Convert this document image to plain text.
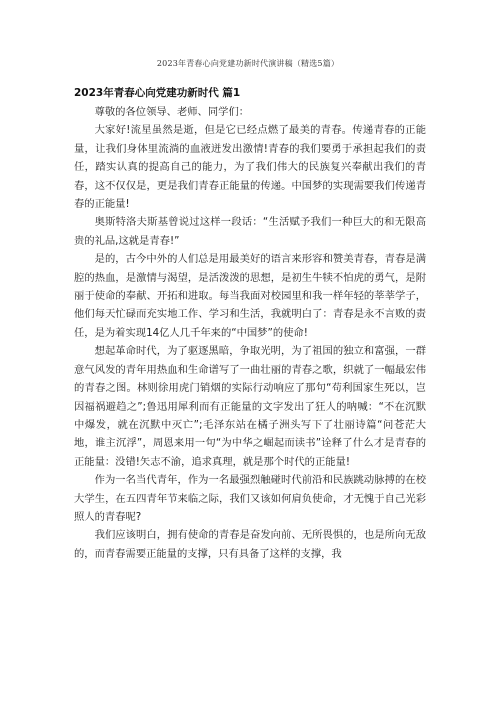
2023年青春心向党建功新时代演讲稿（精选5篇）
2023年青春心向党建功新时代 篇1

尊敬的各位领导、老师、同学们：

大家好!流星虽然是逝，但是它已经点燃了最美的青春。传递青春的正能量，让我们身体里流淌的血液迸发出激情!青春的我们要勇于承担起我们的责任，踏实认真的提高自己的能力，为了我们伟大的民族复兴奉献出我们的青春，这不仅仅是，更是我们青春正能量的传递。中国梦的实现需要我们传递青春的正能量!

奥斯特洛夫斯基曾说过这样一段话：“生活赋予我们一种巨大的和无限高贵的礼品,这就是青春!”

是的，古今中外的人们总是用最美好的语言来形容和赞美青春，青春是满腔的热血，是激情与渴望，是活泼泼的思想，是初生牛犊不怕虎的勇气，是附丽于使命的奉献、开拓和进取。每当我面对校园里和我一样年轻的莘莘学子，他们每天忙碌而充实地工作、学习和生活，我就明白了：青春是永不言败的责任，是为着实现14亿人几千年来的“中国梦”的使命!

想起革命时代，为了驱逐黑暗，争取光明，为了祖国的独立和富强，一群意气风发的青年用热血和生命谱写了一曲壮丽的青春之歌，织就了一幅最宏伟的青春之图。林则徐用虎门销烟的实际行动响应了那句“苟利国家生死以，岂因福祸避趋之”;鲁迅用犀利而有正能量的文字发出了狂人的呐喊：“不在沉默中爆发，就在沉默中灭亡”;毛泽东站在橘子洲头写下了壮丽诗篇“问苍茫大地，谁主沉浮”，周恩来用一句“为中华之崛起而读书”诠释了什么才是青春的正能量：没错!矢志不渝，追求真理，就是那个时代的正能量!

作为一名当代青年，作为一名最强烈触碰时代前沿和民族跳动脉搏的在校大学生，在五四青年节来临之际，我们又该如何肩负使命，才无愧于自己光彩照人的青春呢?

我们应该明白，拥有使命的青春是奋发向前、无所畏惧的，也是所向无敌的，而青春需要正能量的支撑，只有具备了这样的支撑，我
